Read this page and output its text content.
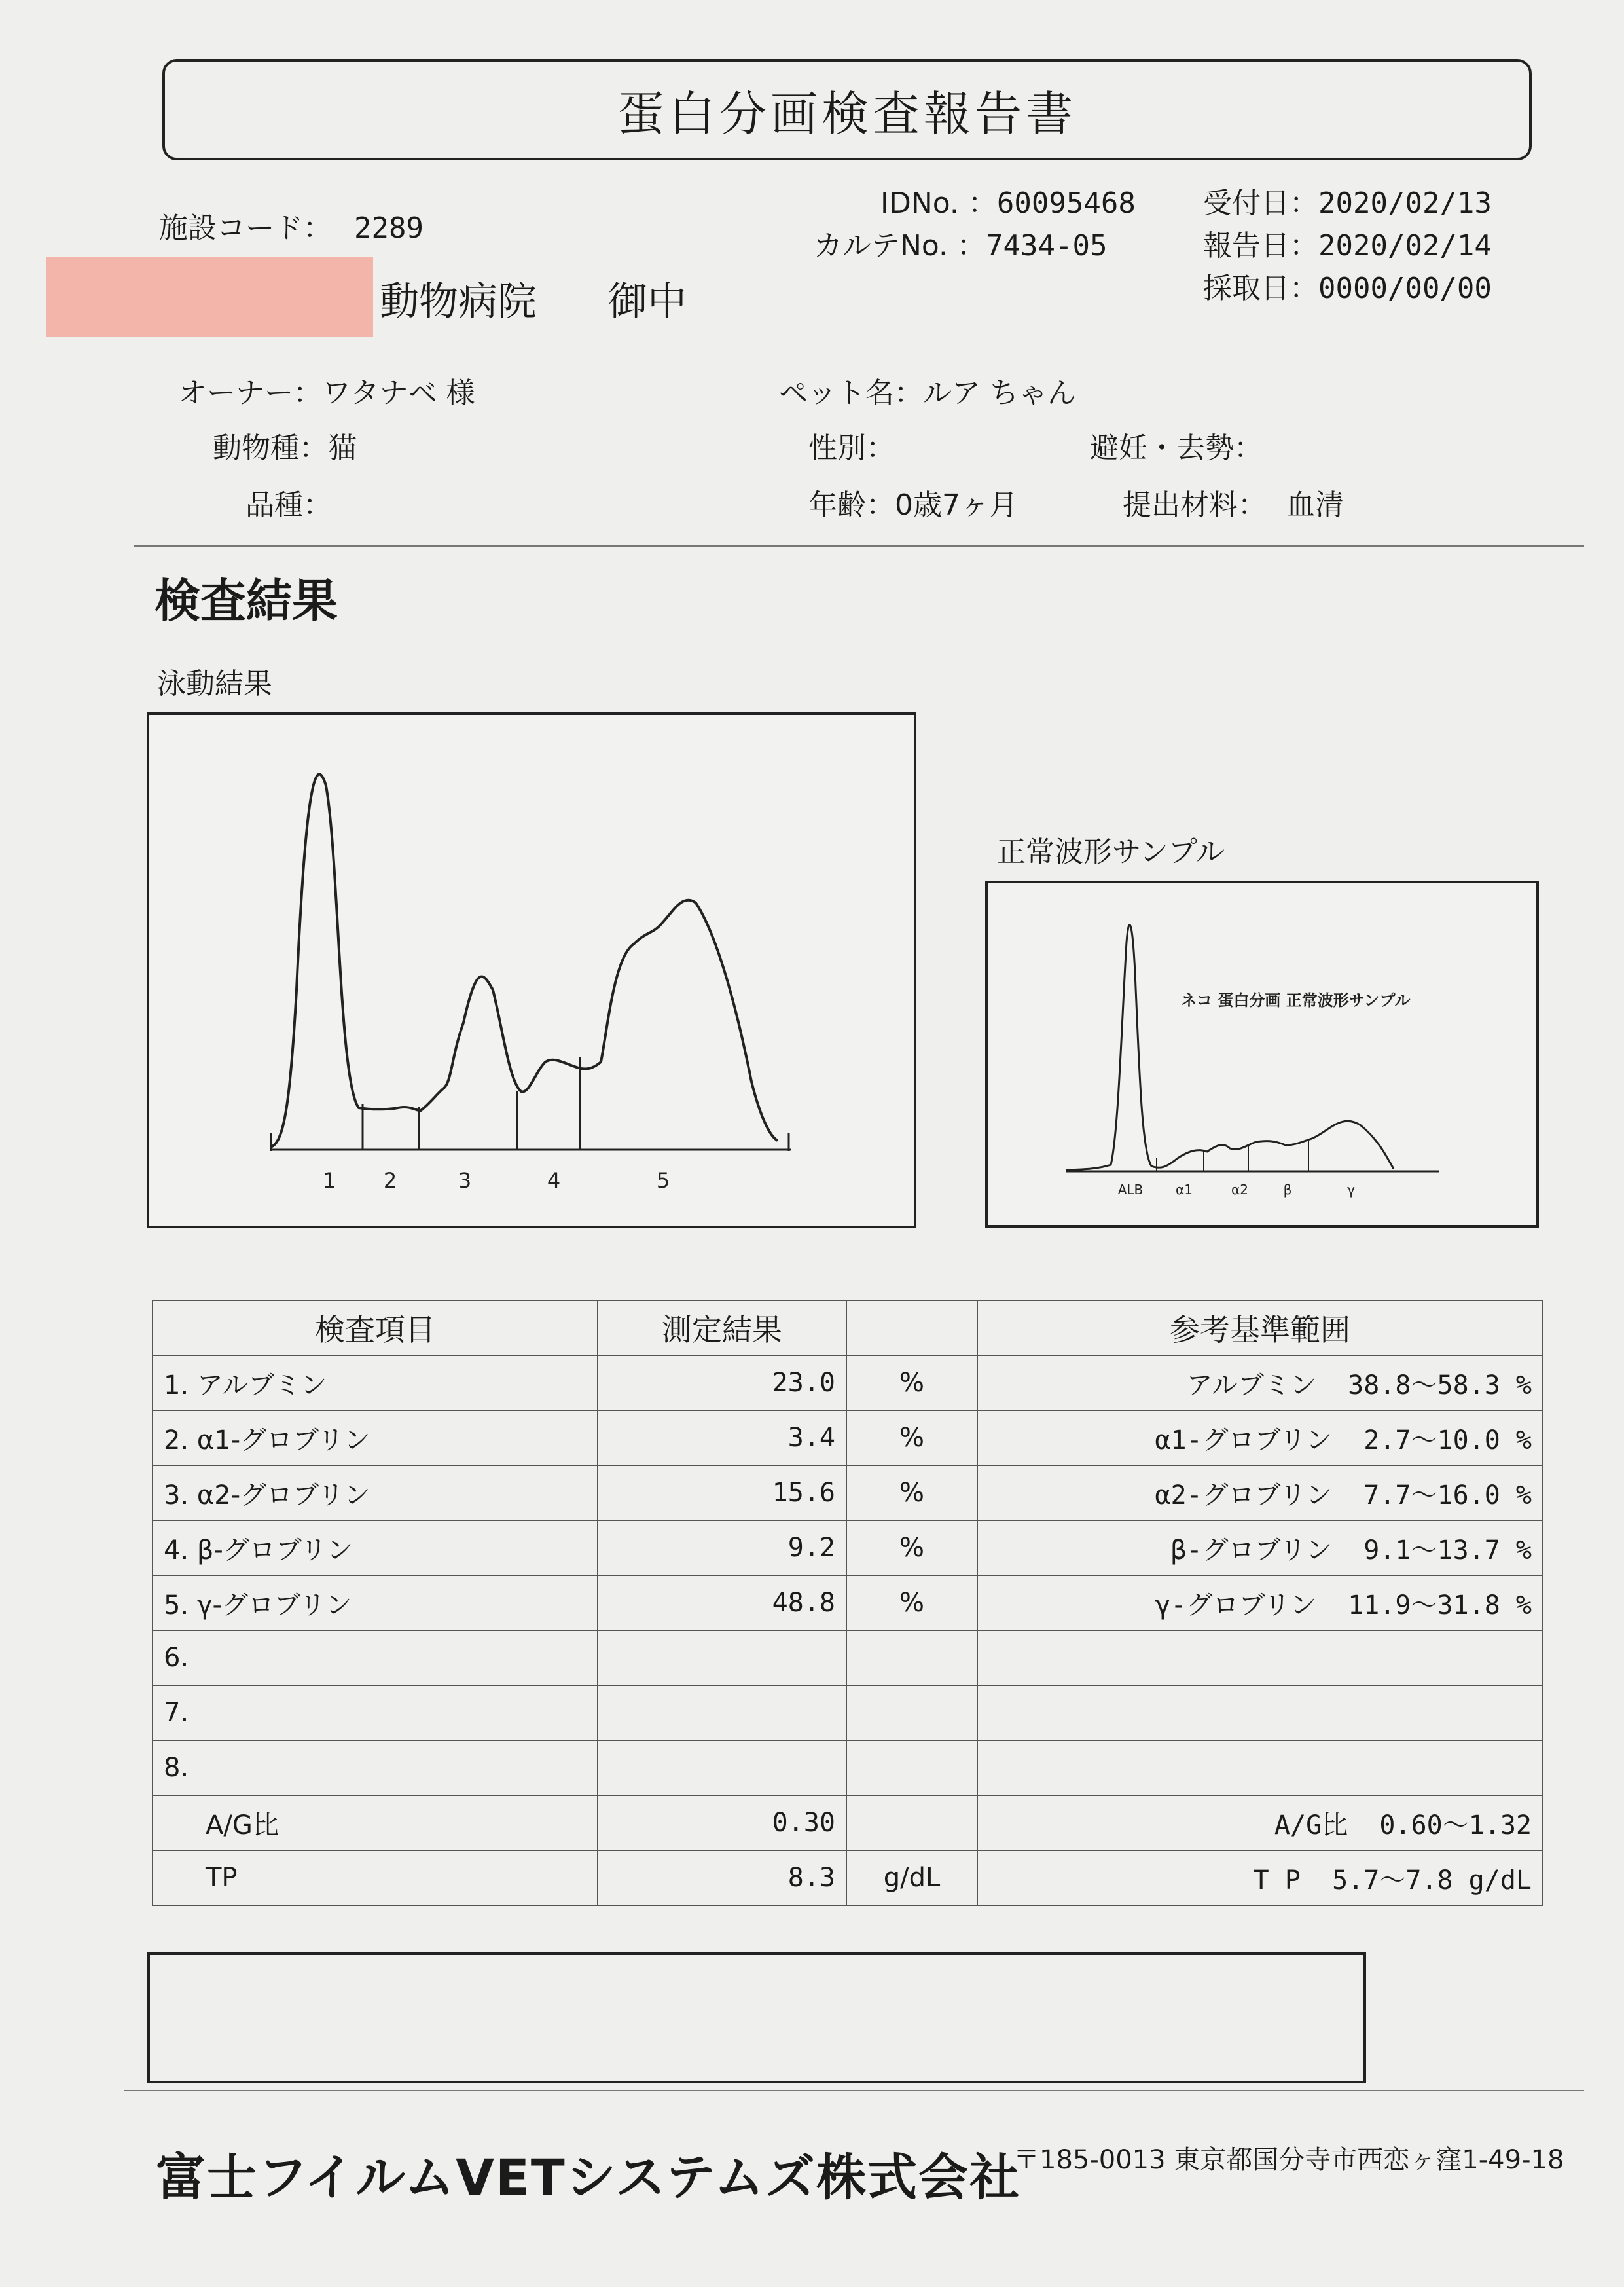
蛋白分画検査報告書
施設コード： 2289
IDNo. ：60095468
カルテNo. ：7434-05
受付日：2020/02/13
報告日：2020/02/14
採取日：0000/00/00
動物病院 御中
オーナー：ワタナベ 様
動物種：猫
品種：
ペット名：ルア ちゃん
性別：	避妊・去勢：
年齢：0歳7ヶ月	提出材料： 血清
検査結果
泳動結果
正常波形サンプル
1 2	3	4	5
ネコ 蛋白分画 正常波形サンプル
ALB α1	α2	β	γ
検査項目	測定結果		参考基準範囲
1. アルブミン	23.0	%	アルブミン 38.8〜58.3 %
2. α1-グロブリン	3.4	%	α1-グロブリン 2.7〜10.0 %
3. α2-グロブリン	15.6	%	α2-グロブリン 7.7〜16.0 %
4. β-グロブリン	9.2	%	β-グロブリン 9.1〜13.7 %
5. γ-グロブリン	48.8	%	γ-グロブリン 11.9〜31.8 %
6.			
7.			
8.			
A/G比	0.30		A/G比 0.60〜1.32
TP	8.3	g/dL	T P 5.7〜7.8 g/dL
富士フイルムVETシステムズ株式会社
〒185-0013 東京都国分寺市西恋ヶ窪1-49-18
